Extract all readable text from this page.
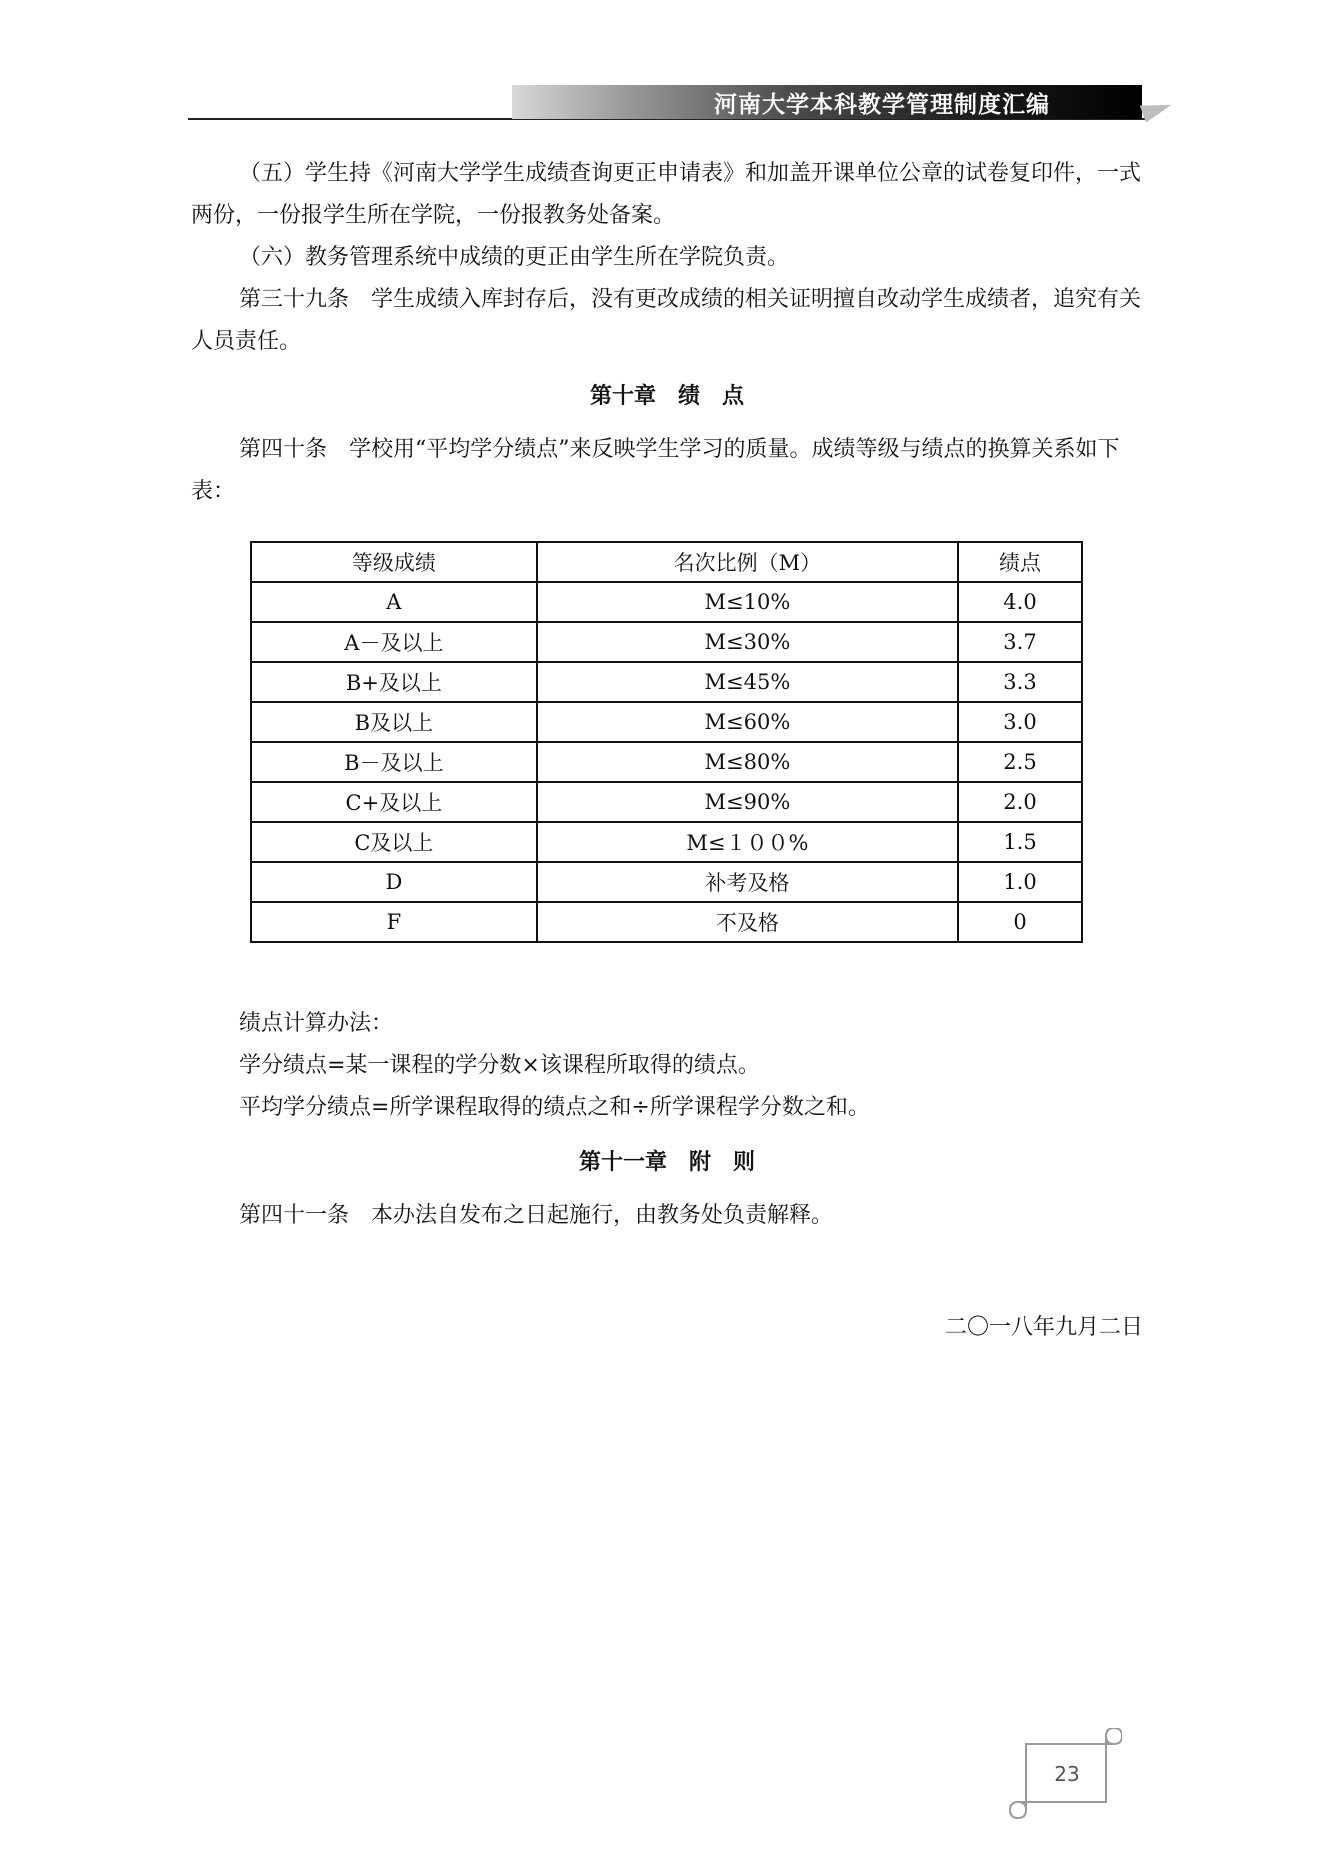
河南大学本科教学管理制度汇编

（五）学生持《河南大学学生成绩查询更正申请表》和加盖开课单位公章的试卷复印件，一式两份，一份报学生所在学院，一份报教务处备案。

（六）教务管理系统中成绩的更正由学生所在学院负责。

第三十九条　学生成绩入库封存后，没有更改成绩的相关证明擅自改动学生成绩者，追究有关人员责任。

第十章　绩　点

第四十条　学校用“平均学分绩点”来反映学生学习的质量。成绩等级与绩点的换算关系如下表：

等级成绩	名次比例（M）	绩点
A	M≤10%	4.0
A－及以上	M≤30%	3.7
B+及以上	M≤45%	3.3
B及以上	M≤60%	3.0
B－及以上	M≤80%	2.5
C+及以上	M≤90%	2.0
C及以上	M≤１００%	1.5
D	补考及格	1.0
F	不及格	0

绩点计算办法：

学分绩点=某一课程的学分数×该课程所取得的绩点。

平均学分绩点=所学课程取得的绩点之和÷所学课程学分数之和。

第十一章　附　则

第四十一条　本办法自发布之日起施行，由教务处负责解释。

二〇一八年九月二日
23
